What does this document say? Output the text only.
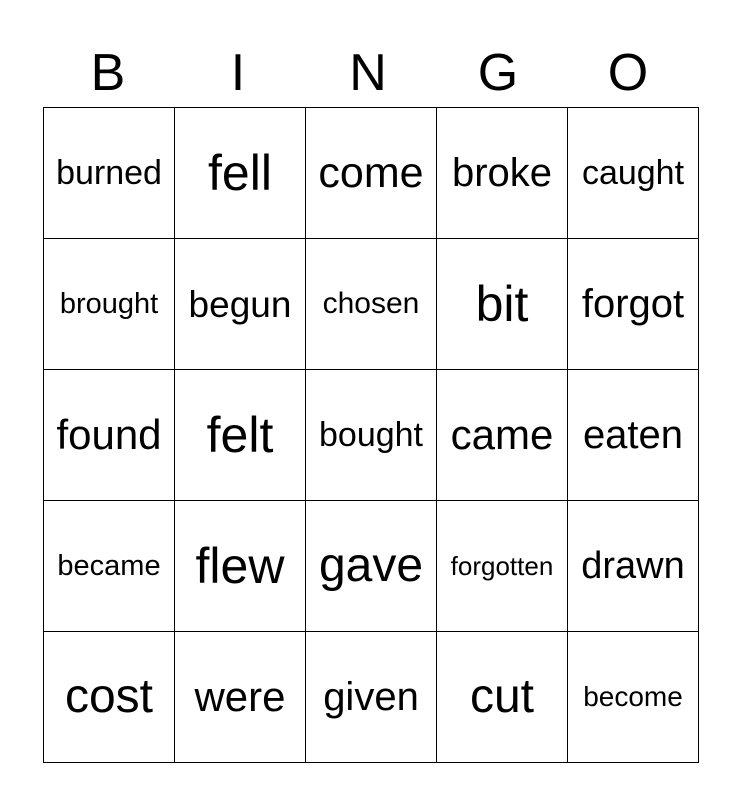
B	I	N	G	O
burned	fell	come	broke	caught
brought	begun	chosen	bit	forgot
found	felt	bought	came	eaten
became	flew	gave	forgotten	drawn
cost	were	given	cut	become
